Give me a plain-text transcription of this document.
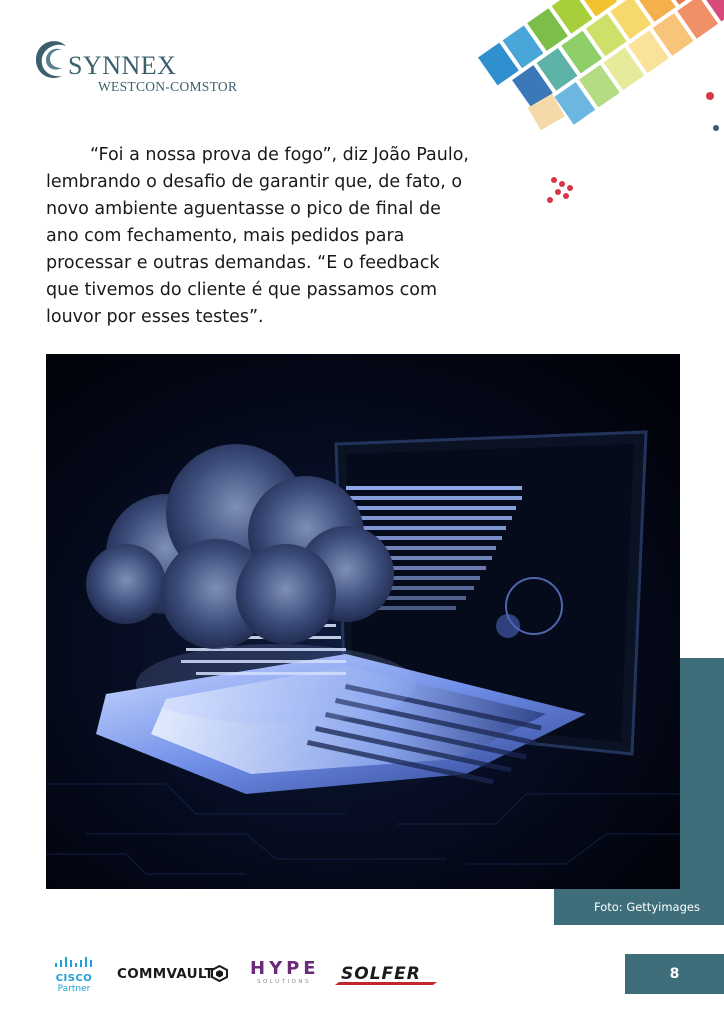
SYNNEX
WESTCON-COMSTOR

“Foi a nossa prova de fogo”, diz João Paulo, lembrando o desafio de garantir que, de fato, o novo ambiente aguentasse o pico de final de ano com fechamento, mais pedidos para processar e outras demandas. “E o feedback que tivemos do cliente é que passamos com louvor por esses testes”.

Foto: Gettyimages
CISCO
Partner
COMMVAULT HYPE
SOLUTIONS	SOLFER	8
